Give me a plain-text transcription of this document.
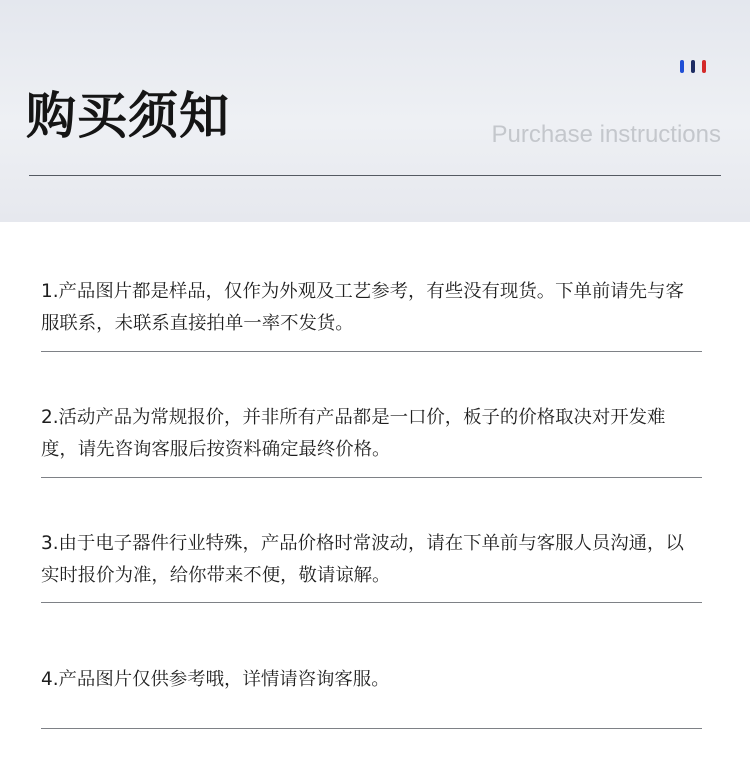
购买须知	Purchase instructions

1.产品图片都是样品，仅作为外观及工艺参考，有些没有现货。下单前请先与客服联系，未联系直接拍单一率不发货。

2.活动产品为常规报价，并非所有产品都是一口价，板子的价格取决对开发难度，请先咨询客服后按资料确定最终价格。

3.由于电子器件行业特殊，产品价格时常波动，请在下单前与客服人员沟通，以实时报价为准，给你带来不便，敬请谅解。

4.产品图片仅供参考哦，详情请咨询客服。
